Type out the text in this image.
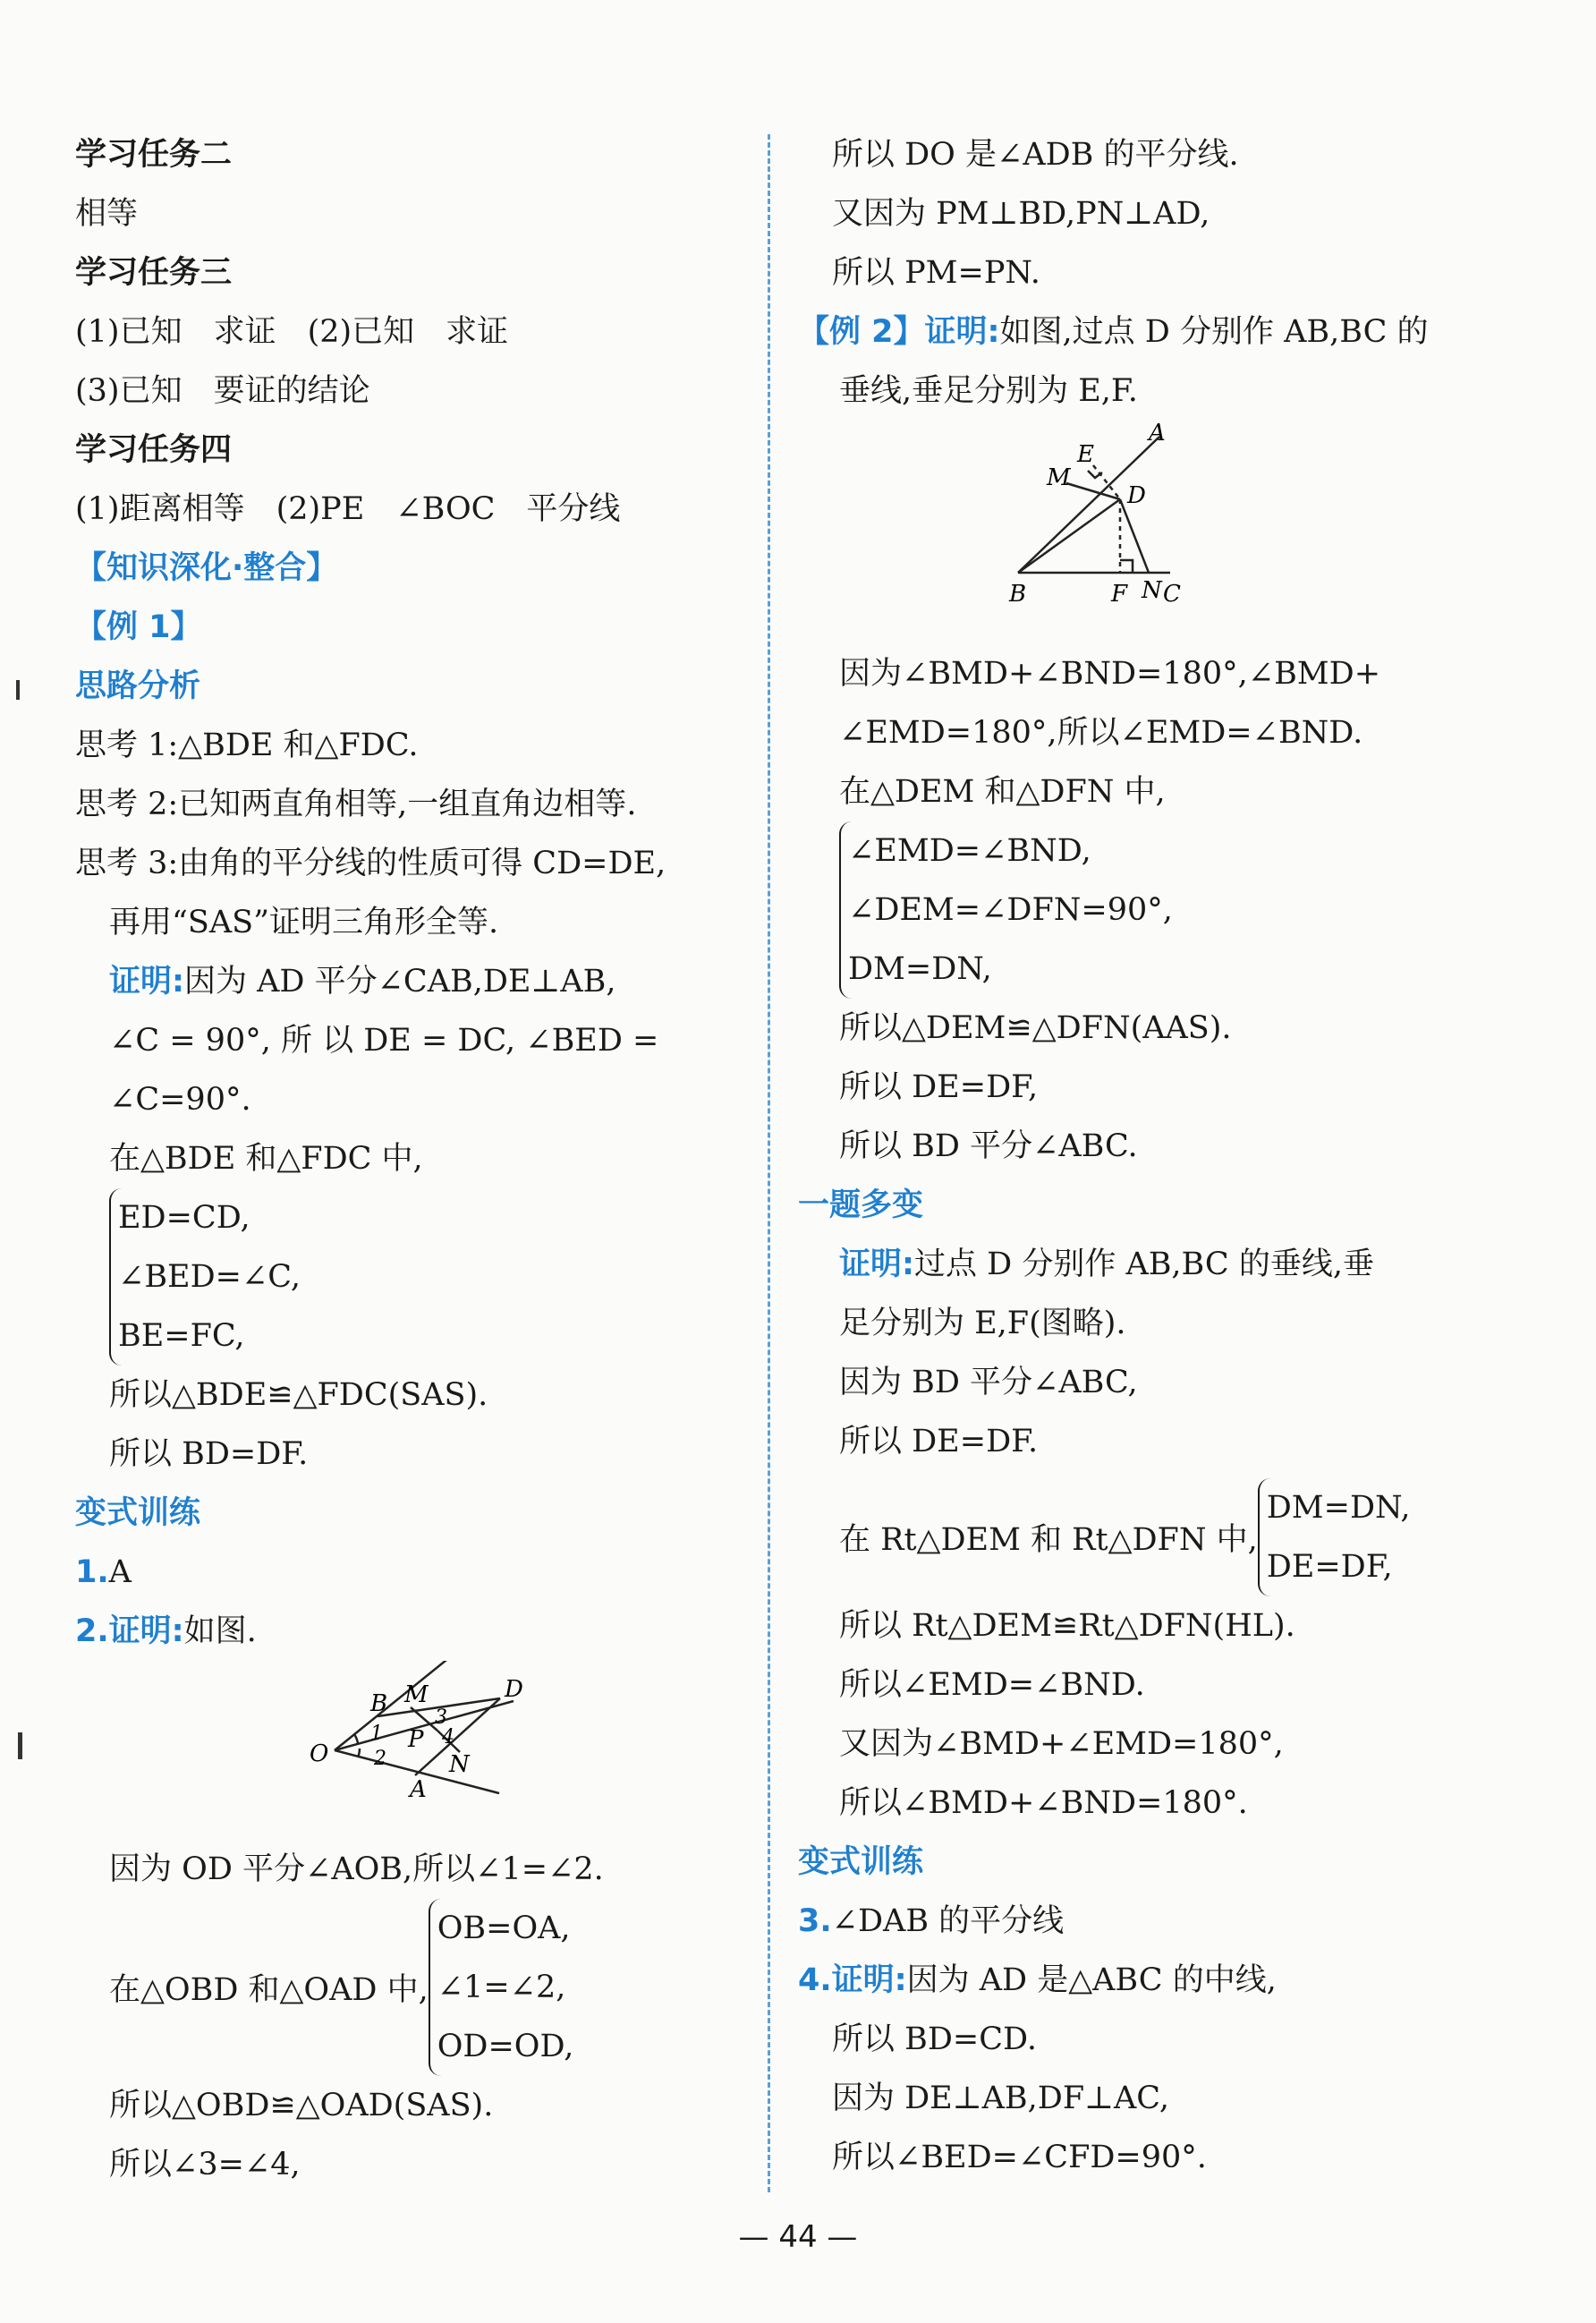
学习任务二
相等
学习任务三
(1)已知　求证　(2)已知　求证
(3)已知　要证的结论
学习任务四
(1)距离相等　(2)PE　∠BOC　平分线
【知识深化·整合】
【例 1】
思路分析
思考 1:△BDE 和△FDC.
思考 2:已知两直角相等,一组直角边相等.
思考 3:由角的平分线的性质可得 CD=DE,
再用“SAS”证明三角形全等.
证明:因为 AD 平分∠CAB,DE⊥AB,
∠C = 90°, 所 以 DE = DC, ∠BED =
∠C=90°.
在△BDE 和△FDC 中,
ED=CD,
∠BED=∠C,
BE=FC,
所以△BDE≌△FDC(SAS).
所以 BD=DF.
变式训练
1.A
2.证明:如图.
B M	D
3
1 P 4
O 2	N
A
因为 OD 平分∠AOB,所以∠1=∠2.
在△OBD 和△OAD 中,
OB=OA,
∠1=∠2,
OD=OD,
所以△OBD≌△OAD(SAS).
所以∠3=∠4,
所以 DO 是∠ADB 的平分线.
又因为 PM⊥BD,PN⊥AD,
所以 PM=PN.
【例 2】证明:如图,过点 D 分别作 AB,BC 的
垂线,垂足分别为 E,F.
A
E
M
D
B	F N C
因为∠BMD+∠BND=180°,∠BMD+
∠EMD=180°,所以∠EMD=∠BND.
在△DEM 和△DFN 中,
∠EMD=∠BND,
∠DEM=∠DFN=90°,
DM=DN,
所以△DEM≌△DFN(AAS).
所以 DE=DF,
所以 BD 平分∠ABC.
一题多变
证明:过点 D 分别作 AB,BC 的垂线,垂
足分别为 E,F(图略).
因为 BD 平分∠ABC,
所以 DE=DF.
在 Rt△DEM 和 Rt△DFN 中,
DM=DN,
DE=DF,
所以 Rt△DEM≌Rt△DFN(HL).
所以∠EMD=∠BND.
又因为∠BMD+∠EMD=180°,
所以∠BMD+∠BND=180°.
变式训练
3.∠DAB 的平分线
4.证明:因为 AD 是△ABC 的中线,
所以 BD=CD.
因为 DE⊥AB,DF⊥AC,
所以∠BED=∠CFD=90°.
— 44 —
